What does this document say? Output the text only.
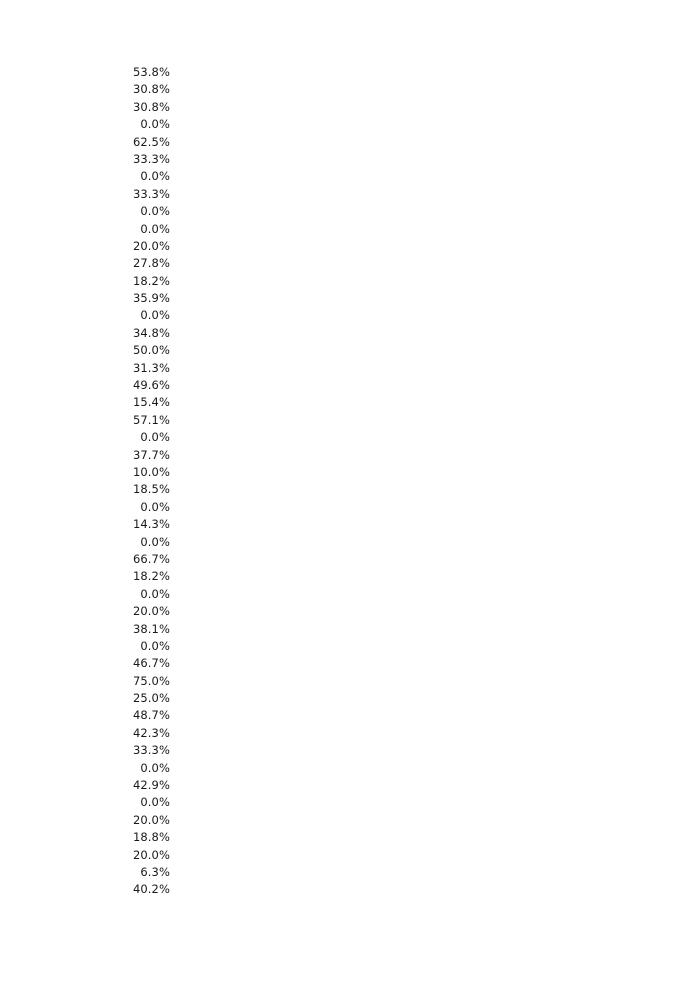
53.8%
30.8%
30.8%
0.0%
62.5%
33.3%
0.0%
33.3%
0.0%
0.0%
20.0%
27.8%
18.2%
35.9%
0.0%
34.8%
50.0%
31.3%
49.6%
15.4%
57.1%
0.0%
37.7%
10.0%
18.5%
0.0%
14.3%
0.0%
66.7%
18.2%
0.0%
20.0%
38.1%
0.0%
46.7%
75.0%
25.0%
48.7%
42.3%
33.3%
0.0%
42.9%
0.0%
20.0%
18.8%
20.0%
6.3%
40.2%
